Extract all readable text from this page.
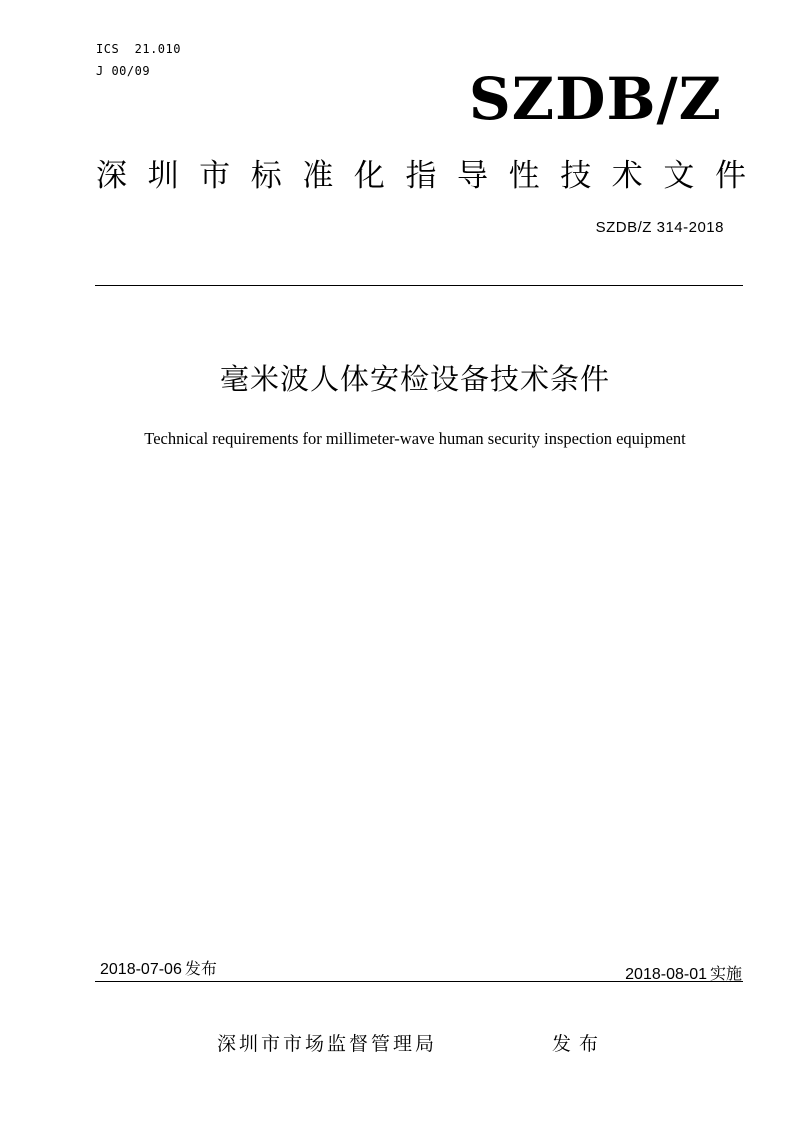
ICS  21.010
J 00/09	SZDB/Z
深 圳 市 标 准 化 指 导 性 技 术 文 件
SZDB/Z 314-2018
毫米波人体安检设备技术条件
Technical requirements for millimeter-wave human security inspection equipment
2018-07-06 发布	2018-08-01 实施
深圳市市场监督管理局	发布
